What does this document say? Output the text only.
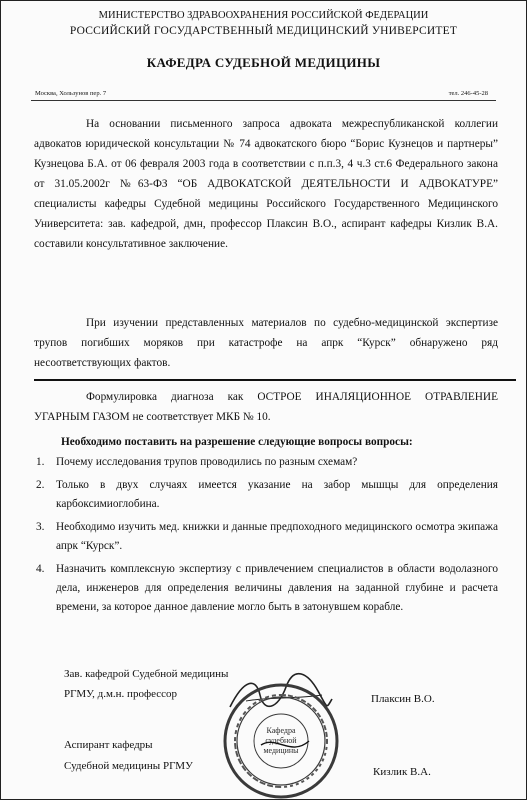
МИНИСТЕРСТВО ЗДРАВООХРАНЕНИЯ РОССИЙСКОЙ ФЕДЕРАЦИИ
РОССИЙСКИЙ ГОСУДАРСТВЕННЫЙ МЕДИЦИНСКИЙ УНИВЕРСИТЕТ
КАФЕДРА СУДЕБНОЙ МЕДИЦИНЫ
Москва, Хользунов пер. 7	тел. 246-45-28
На основании письменного запроса адвоката межреспубликанской коллегии адвокатов юридической консультации № 74 адвокатского бюро “Борис Кузнецов и партнеры” Кузнецова Б.А. от 06 февраля 2003 года в соответствии с п.п.3, 4 ч.3 ст.6 Федерального закона от 31.05.2002г №63-ФЗ “ОБ АДВОКАТСКОЙ ДЕЯТЕЛЬНОСТИ И АДВОКАТУРЕ” специалисты кафедры Судебной медицины Российского Государственного Медицинского Университета: зав. кафедрой, дмн, профессор Плаксин В.О., аспирант кафедры Кизлик В.А. составили консультативное заключение.
При изучении представленных материалов по судебно-медицинской экспертизе трупов погибших моряков при катастрофе на апрк “Курск” обнаружено ряд несоответствующих фактов.
Формулировка диагноза как ОСТРОЕ ИНАЛЯЦИОННОЕ ОТРАВЛЕНИЕ УГАРНЫМ ГАЗОМ не соответствует МКБ № 10.
Необходимо поставить на разрешение следующие вопросы вопросы:
1. Почему исследования трупов проводились по разным схемам?
2. Только в двух случаях имеется указание на забор мышцы для определения карбоксимиоглобина.
3. Необходимо изучить мед. книжки и данные предпоходного медицинского осмотра экипажа апрк “Курск”.
4. Назначить комплексную экспертизу с привлечением специалистов в области водолазного дела, инженеров для определения величины давления на заданной глубине и расчета времени, за которое данное давление могло быть в затонувшем корабле.
Зав. кафедрой Судебной медицины
РГМУ, д.м.н. профессор	Плаксин В.О.
Аспирант кафедры
Судебной медицины РГМУ	Кизлик В.А.
Кафедра
судебной
медицины
